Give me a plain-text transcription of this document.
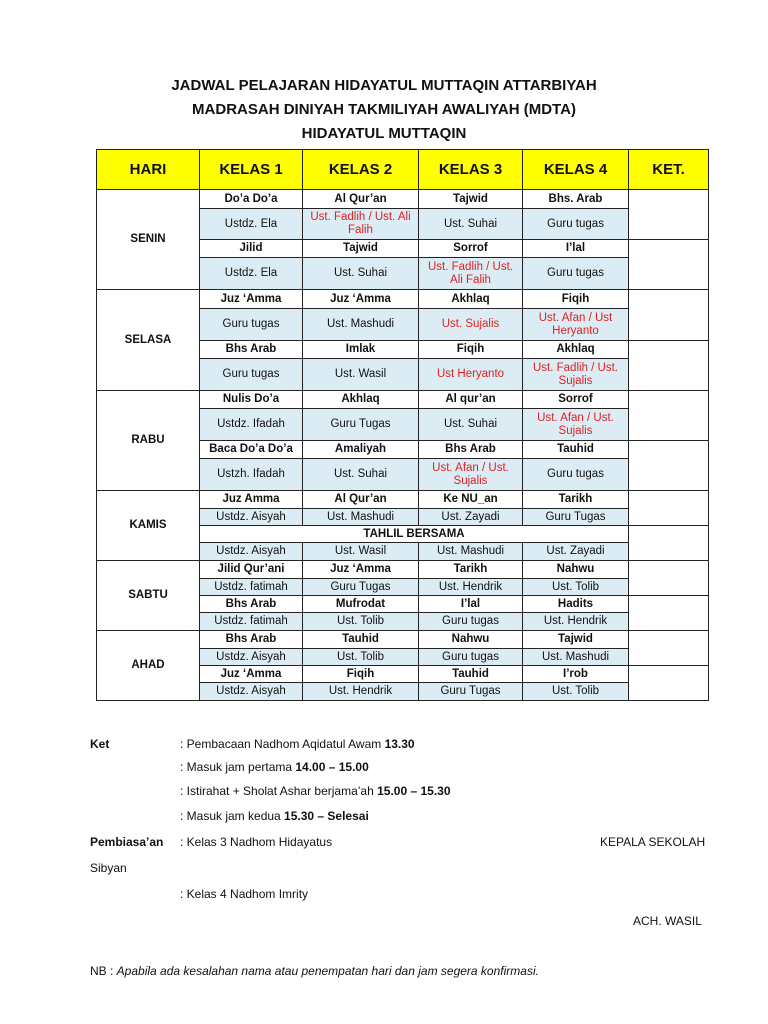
JADWAL PELAJARAN HIDAYATUL MUTTAQIN ATTARBIYAH
MADRASAH DINIYAH TAKMILIYAH AWALIYAH (MDTA)
HIDAYATUL MUTTAQIN
HARI	KELAS 1	KELAS 2	KELAS 3	KELAS 4	KET.
SENIN	Do’a Do’a	Al Qur’an	Tajwid	Bhs. Arab	
	Ustdz. Ela	Ust. Fadlih / Ust. Ali Falih	Ust. Suhai	Guru tugas	
	Jilid	Tajwid	Sorrof	I’lal	
	Ustdz. Ela	Ust. Suhai	Ust. Fadlih / Ust. Ali Falih	Guru tugas	
SELASA	Juz ‘Amma	Juz ‘Amma	Akhlaq	Fiqih	
	Guru tugas	Ust. Mashudi	Ust. Sujalis	Ust. Afan / Ust Heryanto	
	Bhs Arab	Imlak	Fiqih	Akhlaq	
	Guru tugas	Ust. Wasil	Ust Heryanto	Ust. Fadlih / Ust. Sujalis	
RABU	Nulis Do’a	Akhlaq	Al qur’an	Sorrof	
	Ustdz. Ifadah	Guru Tugas	Ust. Suhai	Ust. Afan / Ust. Sujalis	
	Baca Do’a Do’a	Amaliyah	Bhs Arab	Tauhid	
	Ustzh. Ifadah	Ust. Suhai	Ust. Afan / Ust. Sujalis	Guru tugas	
KAMIS	Juz Amma	Al Qur’an	Ke NU_an	Tarikh	
	Ustdz. Aisyah	Ust. Mashudi	Ust. Zayadi	Guru Tugas	
	TAHLIL BERSAMA				
	Ustdz. Aisyah	Ust. Wasil	Ust. Mashudi	Ust. Zayadi	
SABTU	Jilid Qur’ani	Juz ‘Amma	Tarikh	Nahwu	
	Ustdz. fatimah	Guru Tugas	Ust. Hendrik	Ust. Tolib	
	Bhs Arab	Mufrodat	I’lal	Hadits	
	Ustdz. fatimah	Ust. Tolib	Guru tugas	Ust. Hendrik	
AHAD	Bhs Arab	Tauhid	Nahwu	Tajwid	
	Ustdz. Aisyah	Ust. Tolib	Guru tugas	Ust. Mashudi	
	Juz ‘Amma	Fiqih	Tauhid	I’rob	
	Ustdz. Aisyah	Ust. Hendrik	Guru Tugas	Ust. Tolib	
Ket	: Pembacaan Nadhom Aqidatul Awam 13.30
: Masuk jam pertama 14.00 – 15.00
: Istirahat + Sholat Ashar berjama’ah 15.00 – 15.30
: Masuk jam kedua 15.30 – Selesai
Pembiasa’an : Kelas 3 Nadhom Hidayatus	KEPALA SEKOLAH
Sibyan
: Kelas 4 Nadhom Imrity
ACH. WASIL
NB : Apabila ada kesalahan nama atau penempatan hari dan jam segera konfirmasi.
